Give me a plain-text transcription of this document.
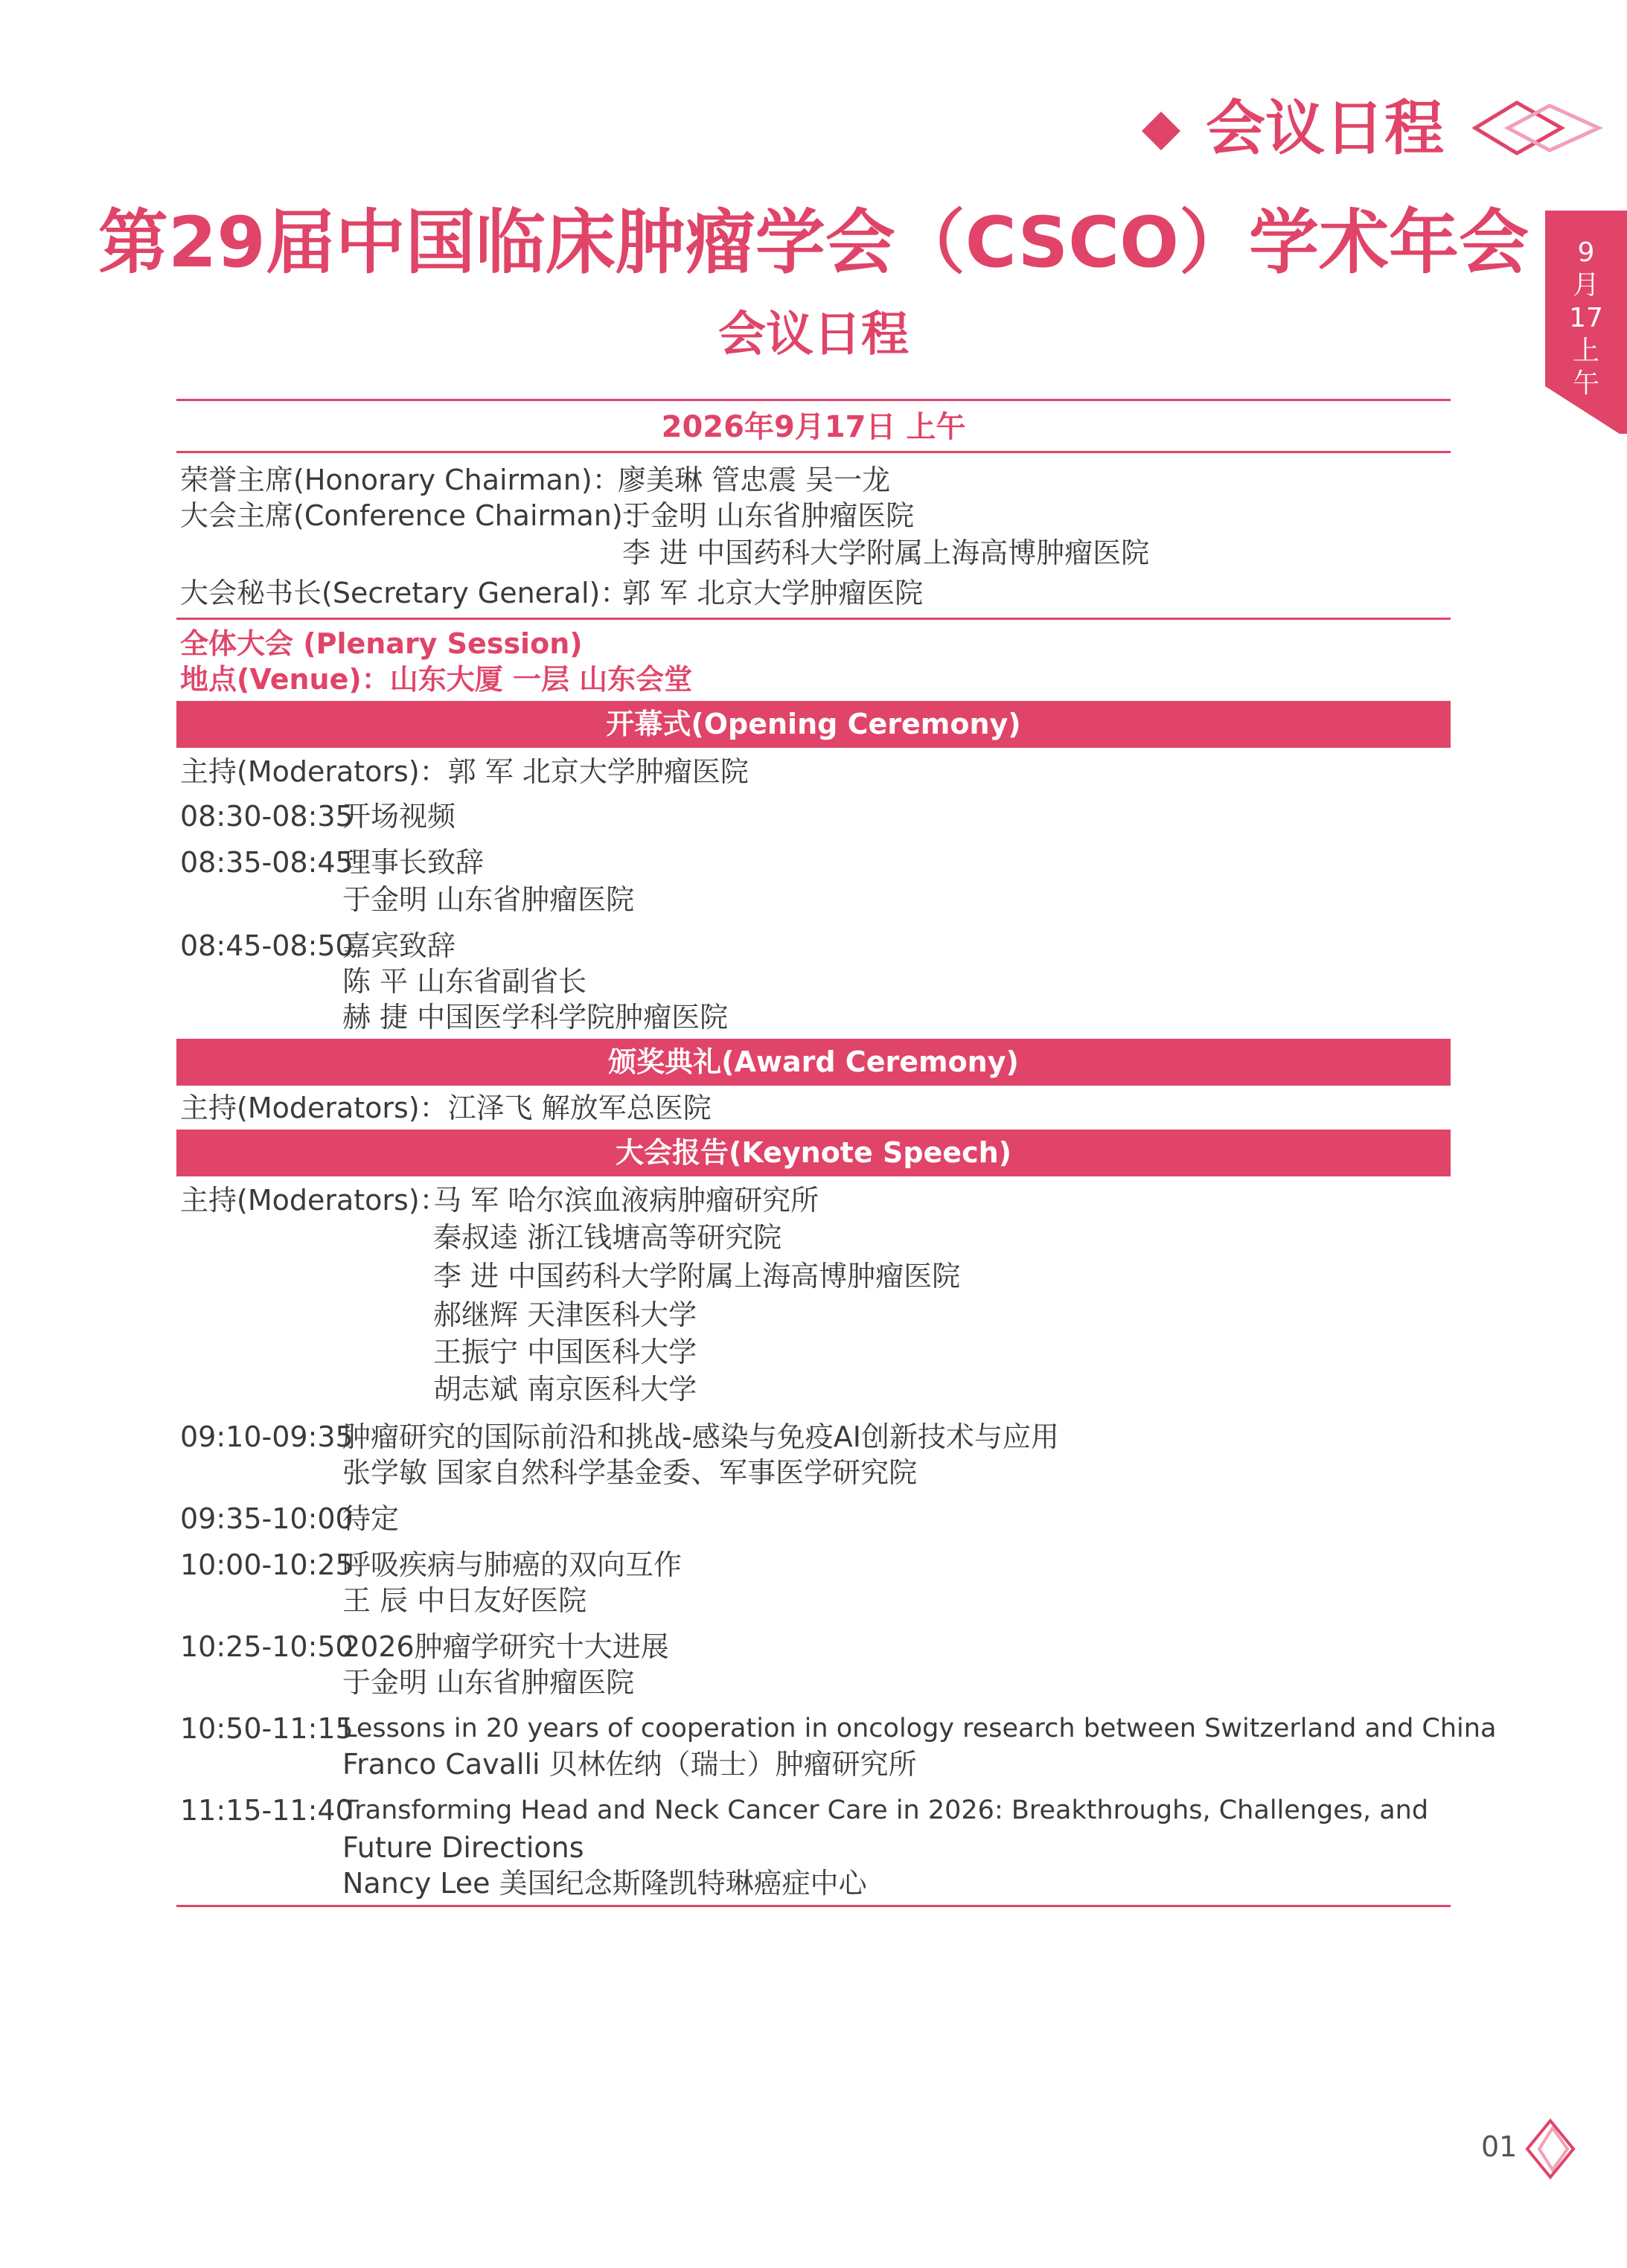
会议日程
9
月
17
上
午
第29届中国临床肿瘤学会（CSCO）学术年会
会议日程
2026年9月17日 上午
荣誉主席(Honorary Chairman)：
廖美琳 管忠震 吴一龙
大会主席(Conference Chairman)：
于金明 山东省肿瘤医院
李 进 中国药科大学附属上海高博肿瘤医院
大会秘书长(Secretary General)：
郭 军 北京大学肿瘤医院
全体大会 (Plenary Session)
地点(Venue)：山东大厦 一层 山东会堂
开幕式(Opening Ceremony)
主持(Moderators)：郭 军 北京大学肿瘤医院
08:30-08:35
开场视频
08:35-08:45
理事长致辞
于金明 山东省肿瘤医院
08:45-08:50
嘉宾致辞
陈 平 山东省副省长
赫 捷 中国医学科学院肿瘤医院
颁奖典礼(Award Ceremony)
主持(Moderators)：江泽飞 解放军总医院
大会报告(Keynote Speech)
主持(Moderators)：
马 军 哈尔滨血液病肿瘤研究所
秦叔逵 浙江钱塘高等研究院
李 进 中国药科大学附属上海高博肿瘤医院
郝继辉 天津医科大学
王振宁 中国医科大学
胡志斌 南京医科大学
09:10-09:35
肿瘤研究的国际前沿和挑战-感染与免疫AI创新技术与应用
张学敏 国家自然科学基金委、军事医学研究院
09:35-10:00
待定
10:00-10:25
呼吸疾病与肺癌的双向互作
王 辰 中日友好医院
10:25-10:50
2026肿瘤学研究十大进展
于金明 山东省肿瘤医院
10:50-11:15
Lessons in 20 years of cooperation in oncology research between Switzerland and China
Franco Cavalli 贝林佐纳（瑞士）肿瘤研究所
11:15-11:40
Transforming Head and Neck Cancer Care in 2026: Breakthroughs, Challenges, and
Future Directions
Nancy Lee 美国纪念斯隆凯特琳癌症中心
01
